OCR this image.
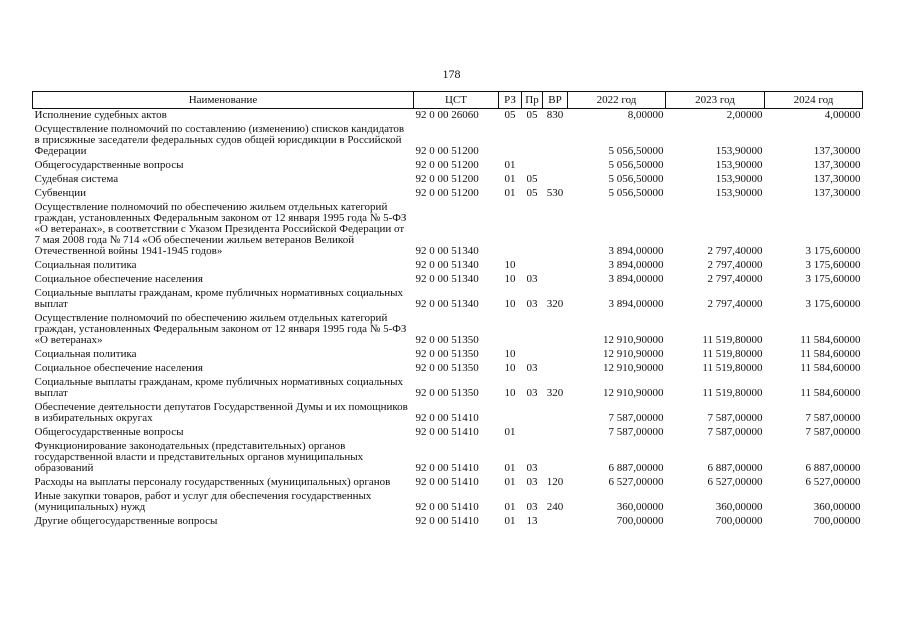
178
Наименование	ЦСТ	РЗ	Пр	ВР	2022 год	2023 год	2024 год
Исполнение судебных актов	92 0 00 26060	05	05	830	8,00000	2,00000	4,00000
Осуществление полномочий по составлению (изменению) списков кандидатов в присяжные заседатели федеральных судов общей юрисдикции в Российской Федерации	92 0 00 51200				5 056,50000	153,90000	137,30000
Общегосударственные вопросы	92 0 00 51200	01			5 056,50000	153,90000	137,30000
Судебная система	92 0 00 51200	01	05		5 056,50000	153,90000	137,30000
Субвенции	92 0 00 51200	01	05	530	5 056,50000	153,90000	137,30000
Осуществление полномочий по обеспечению жильем отдельных категорий граждан, установленных Федеральным законом от 12 января 1995 года № 5-ФЗ «О ветеранах», в соответствии с Указом Президента Российской Федерации от 7 мая 2008 года № 714 «Об обеспечении жильем ветеранов Великой Отечественной войны 1941-1945 годов»	92 0 00 51340				3 894,00000	2 797,40000	3 175,60000
Социальная политика	92 0 00 51340	10			3 894,00000	2 797,40000	3 175,60000
Социальное обеспечение населения	92 0 00 51340	10	03		3 894,00000	2 797,40000	3 175,60000
Социальные выплаты гражданам, кроме публичных нормативных социальных выплат	92 0 00 51340	10	03	320	3 894,00000	2 797,40000	3 175,60000
Осуществление полномочий по обеспечению жильем отдельных категорий граждан, установленных Федеральным законом от 12 января 1995 года № 5-ФЗ «О ветеранах»	92 0 00 51350				12 910,90000	11 519,80000	11 584,60000
Социальная политика	92 0 00 51350	10			12 910,90000	11 519,80000	11 584,60000
Социальное обеспечение населения	92 0 00 51350	10	03		12 910,90000	11 519,80000	11 584,60000
Социальные выплаты гражданам, кроме публичных нормативных социальных выплат	92 0 00 51350	10	03	320	12 910,90000	11 519,80000	11 584,60000
Обеспечение деятельности депутатов Государственной Думы и их помощников в избирательных округах	92 0 00 51410				7 587,00000	7 587,00000	7 587,00000
Общегосударственные вопросы	92 0 00 51410	01			7 587,00000	7 587,00000	7 587,00000
Функционирование законодательных (представительных) органов государственной власти и представительных органов муниципальных образований	92 0 00 51410	01	03		6 887,00000	6 887,00000	6 887,00000
Расходы на выплаты персоналу государственных (муниципальных) органов	92 0 00 51410	01	03	120	6 527,00000	6 527,00000	6 527,00000
Иные закупки товаров, работ и услуг для обеспечения государственных (муниципальных) нужд	92 0 00 51410	01	03	240	360,00000	360,00000	360,00000
Другие общегосударственные вопросы	92 0 00 51410	01	13		700,00000	700,00000	700,00000
